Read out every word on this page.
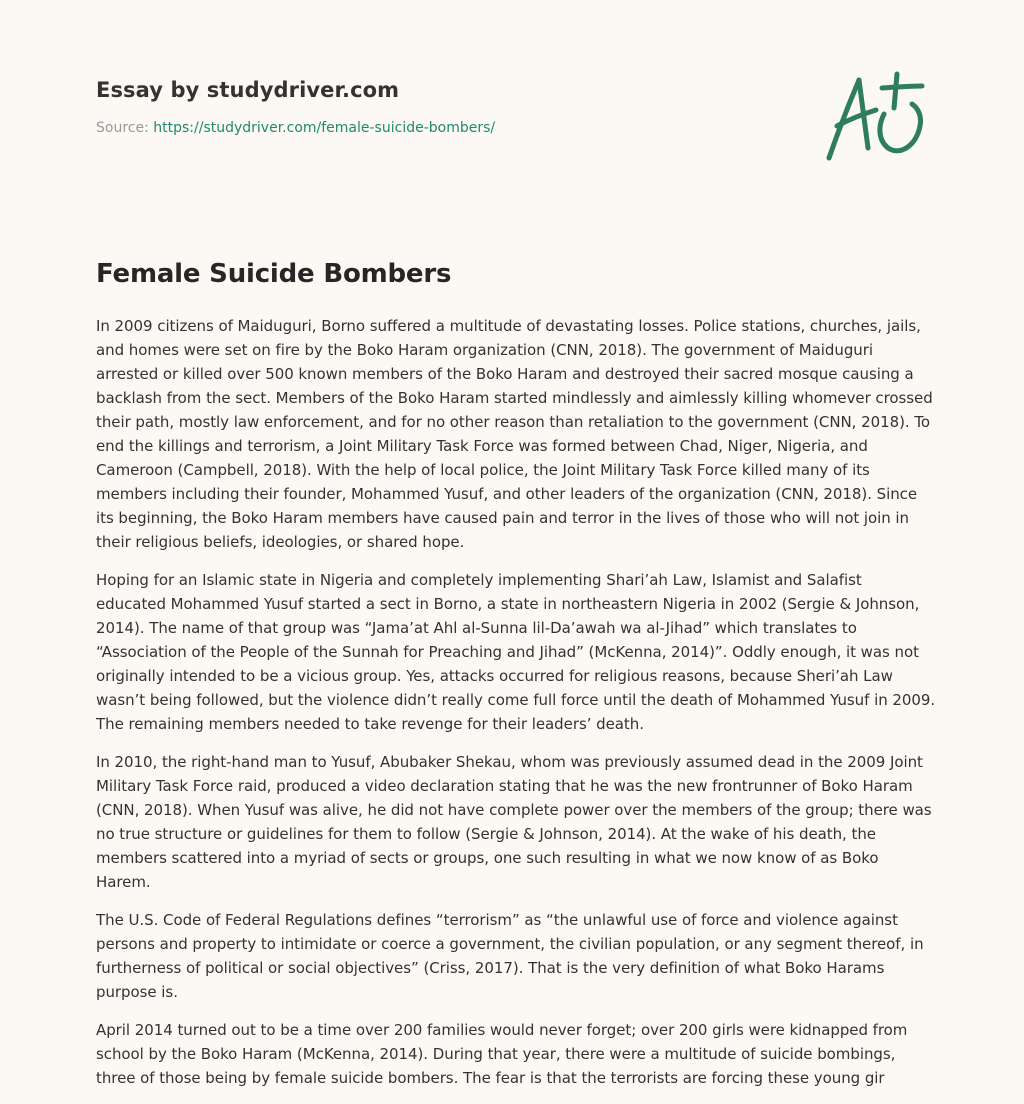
Essay by studydriver.com
Source: https://studydriver.com/female-suicide-bombers/
Female Suicide Bombers

In 2009 citizens of Maiduguri, Borno suffered a multitude of devastating losses. Police stations, churches, jails, and homes were set on fire by the Boko Haram organization (CNN, 2018). The government of Maiduguri arrested or killed over 500 known members of the Boko Haram and destroyed their sacred mosque causing a backlash from the sect. Members of the Boko Haram started mindlessly and aimlessly killing whomever crossed their path, mostly law enforcement, and for no other reason than retaliation to the government (CNN, 2018). To end the killings and terrorism, a Joint Military Task Force was formed between Chad, Niger, Nigeria, and Cameroon (Campbell, 2018). With the help of local police, the Joint Military Task Force killed many of its members including their founder, Mohammed Yusuf, and other leaders of the organization (CNN, 2018). Since its beginning, the Boko Haram members have caused pain and terror in the lives of those who will not join in their religious beliefs, ideologies, or shared hope.

Hoping for an Islamic state in Nigeria and completely implementing Shari’ah Law, Islamist and Salafist educated Mohammed Yusuf started a sect in Borno, a state in northeastern Nigeria in 2002 (Sergie & Johnson, 2014). The name of that group was “Jama’at Ahl al-Sunna lil-Da’awah wa al-Jihad” which translates to “Association of the People of the Sunnah for Preaching and Jihad” (McKenna, 2014)”. Oddly enough, it was not originally intended to be a vicious group. Yes, attacks occurred for religious reasons, because Sheri’ah Law wasn’t being followed, but the violence didn’t really come full force until the death of Mohammed Yusuf in 2009. The remaining members needed to take revenge for their leaders’ death.

In 2010, the right-hand man to Yusuf, Abubaker Shekau, whom was previously assumed dead in the 2009 Joint Military Task Force raid, produced a video declaration stating that he was the new frontrunner of Boko Haram (CNN, 2018). When Yusuf was alive, he did not have complete power over the members of the group; there was no true structure or guidelines for them to follow (Sergie & Johnson, 2014). At the wake of his death, the members scattered into a myriad of sects or groups, one such resulting in what we now know of as Boko Harem.

The U.S. Code of Federal Regulations defines “terrorism” as “the unlawful use of force and violence against persons and property to intimidate or coerce a government, the civilian population, or any segment thereof, in furtherness of political or social objectives” (Criss, 2017). That is the very definition of what Boko Harams purpose is.

April 2014 turned out to be a time over 200 families would never forget; over 200 girls were kidnapped from school by the Boko Haram (McKenna, 2014). During that year, there were a multitude of suicide bombings, three of those being by female suicide bombers. The fear is that the terrorists are forcing these young gir
